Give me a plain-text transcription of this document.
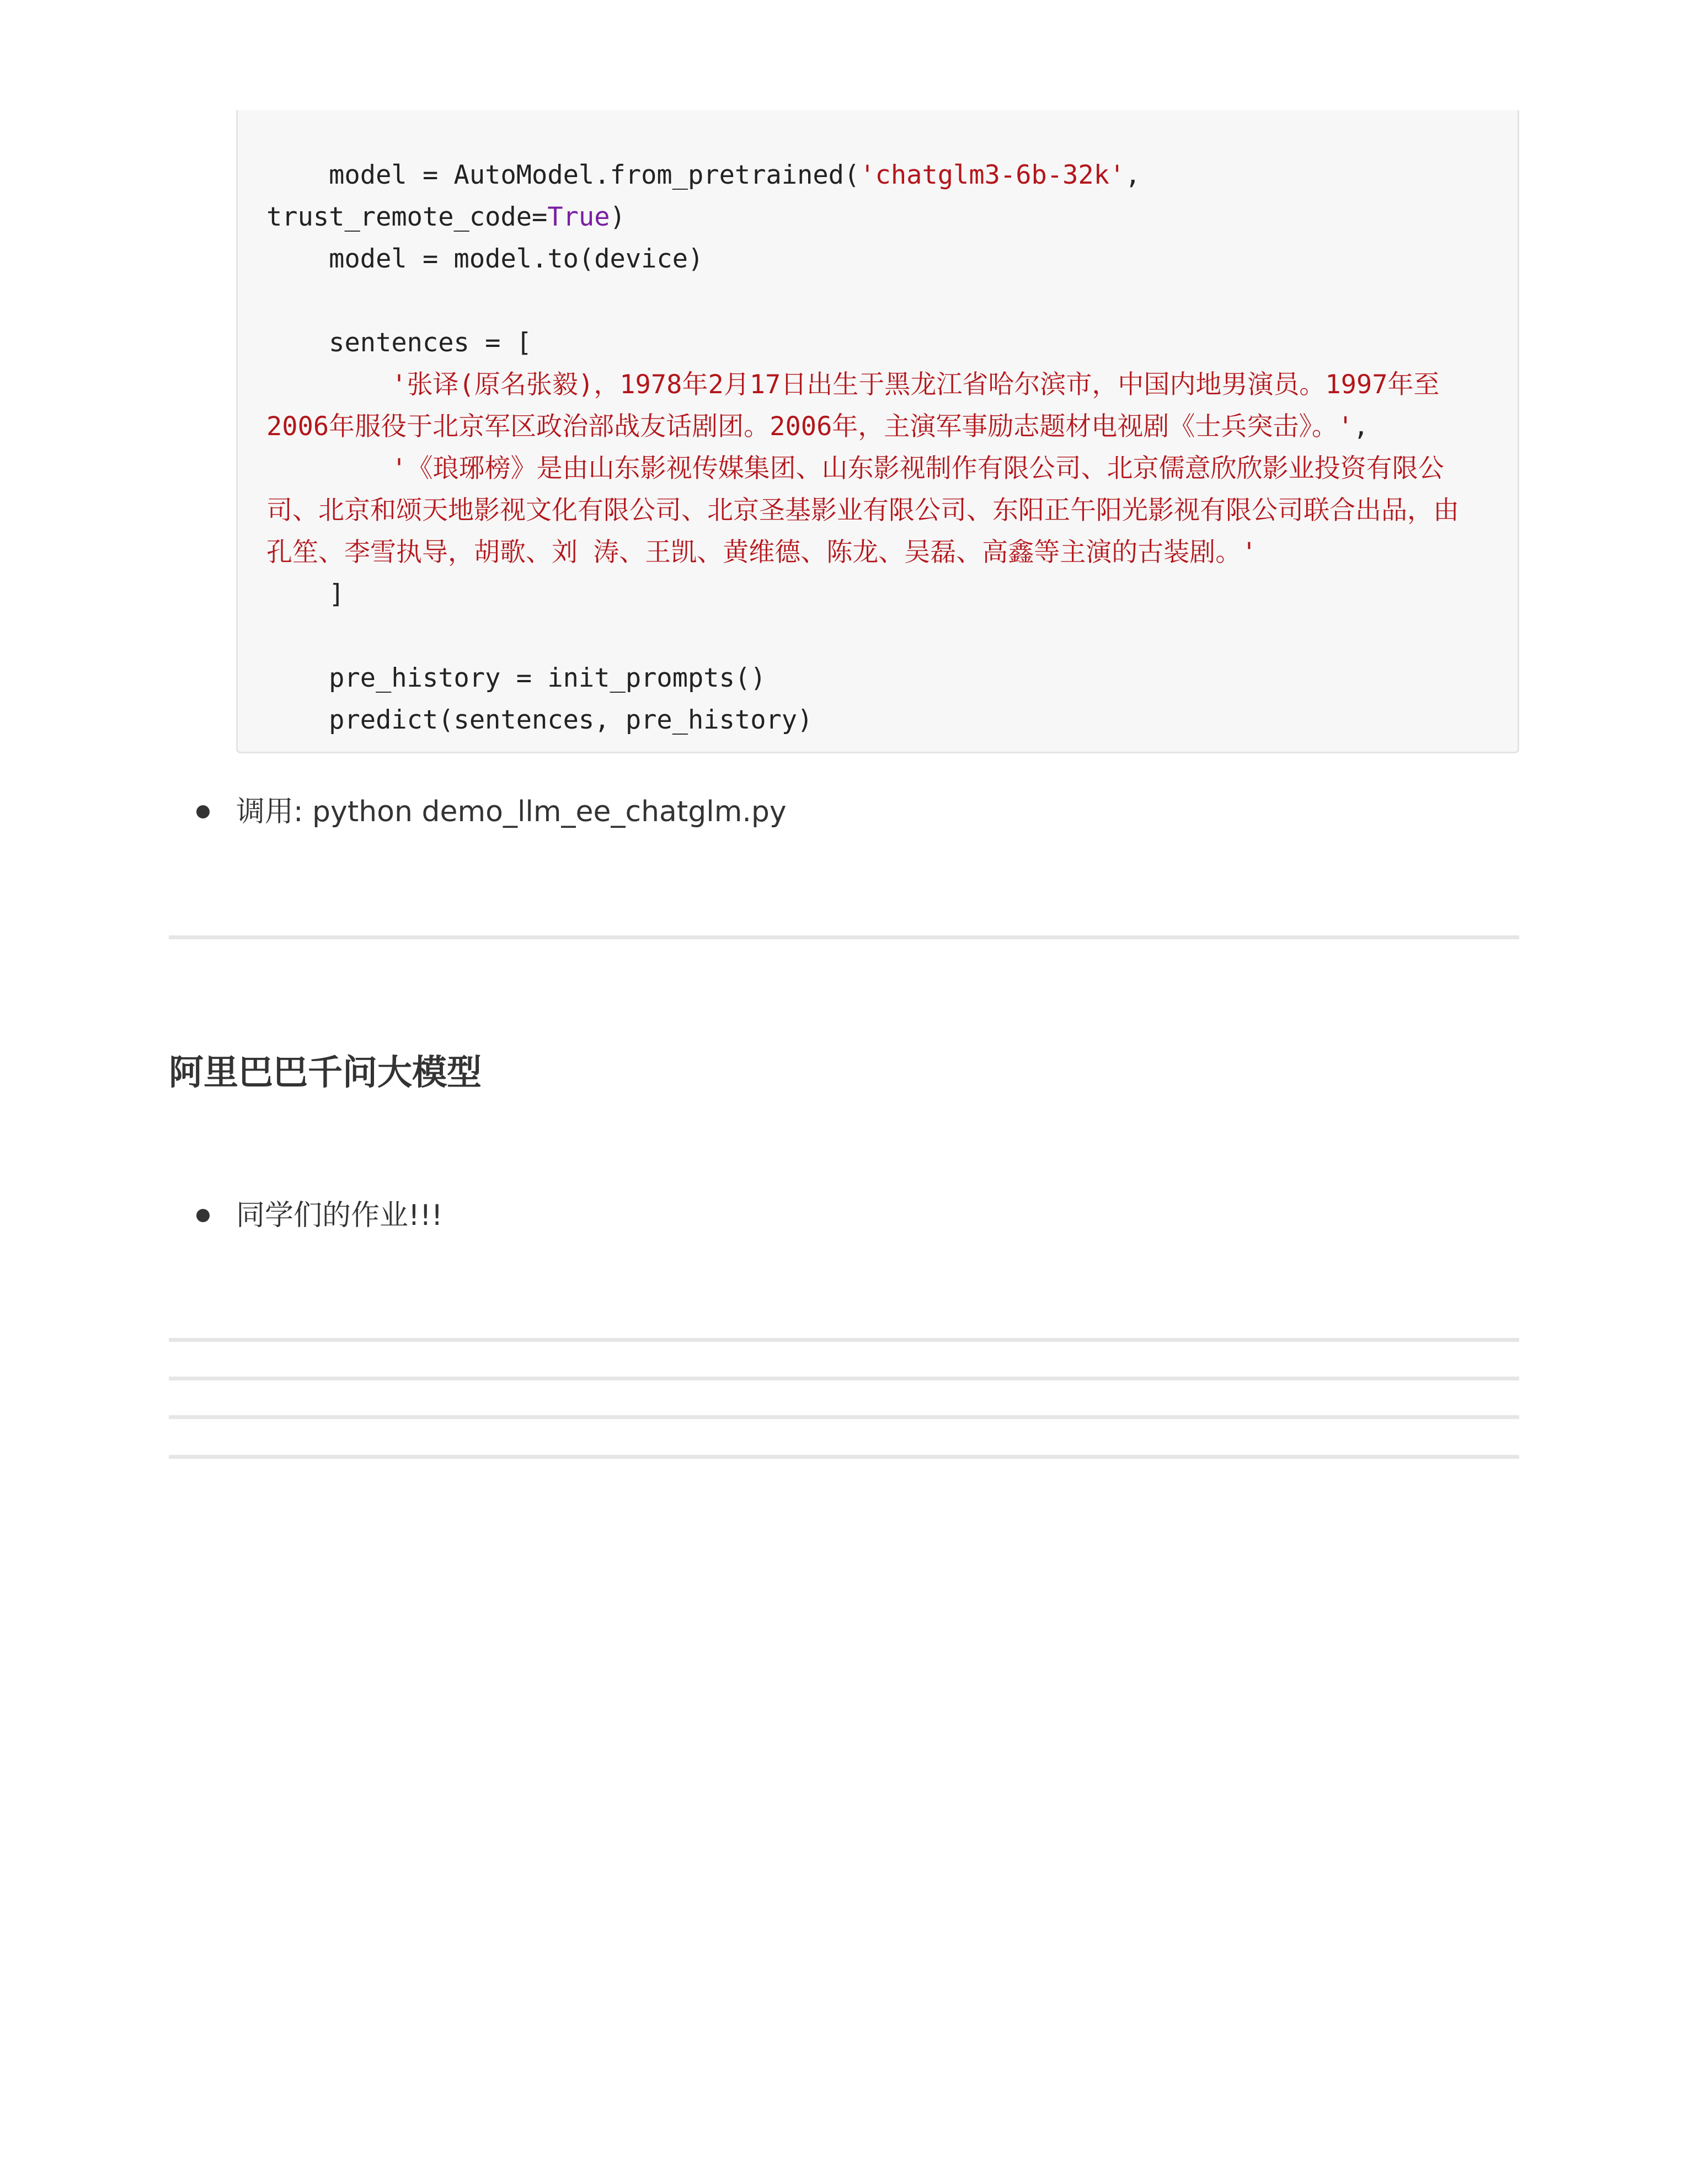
model = AutoModel.from_pretrained('chatglm3-6b-32k',

trust_remote_code=True)

model = model.to(device)

sentences = [

'张译(原名张毅)，1978年2月17日出生于黑龙江省哈尔滨市，中国内地男演员。1997年至

2006年服役于北京军区政治部战友话剧团。2006年，主演军事励志题材电视剧《士兵突击》。',

'《琅琊榜》是由山东影视传媒集团、山东影视制作有限公司、北京儒意欣欣影业投资有限公

司、北京和颂天地影视文化有限公司、北京圣基影业有限公司、东阳正午阳光影视有限公司联合出品，由

孔笙、李雪执导，胡歌、刘 涛、王凯、黄维德、陈龙、吴磊、高鑫等主演的古装剧。'

]

pre_history = init_prompts()

predict(sentences, pre_history)

调用: python demo_llm_ee_chatglm.py
阿里巴巴千问大模型
同学们的作业!!!
